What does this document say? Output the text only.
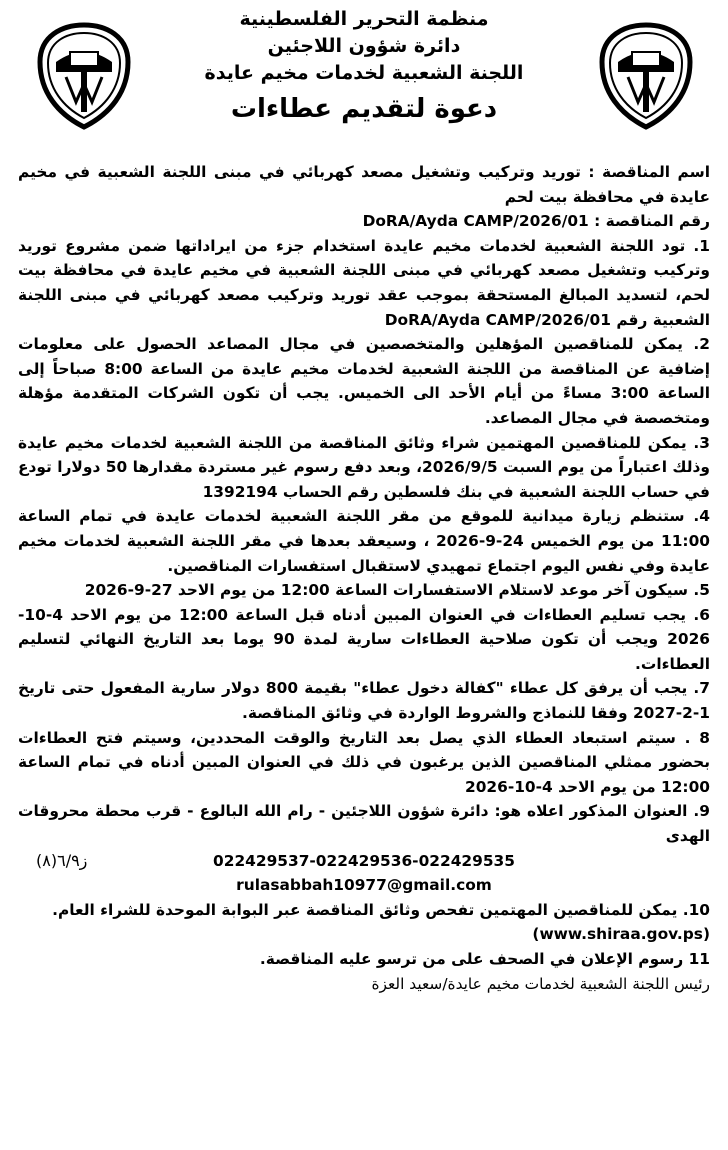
منظمة التحرير الفلسطينية
دائرة شؤون اللاجئين
اللجنة الشعبية لخدمات مخيم عايدة
دعوة لتقديم عطاءات

اسم المناقصة : توريد وتركيب وتشغيل مصعد كهربائي في مبنى اللجنة الشعبية في مخيم عايدة في محافظة بيت لحم

رقم المناقصة : DoRA/Ayda CAMP/2026/01

1. تود اللجنة الشعبية لخدمات مخيم عايدة استخدام جزء من ايراداتها ضمن مشروع توريد وتركيب وتشغيل مصعد كهربائي في مبنى اللجنة الشعبية في مخيم عايدة في محافظة بيت لحم، لتسديد المبالغ المستحقة بموجب عقد توريد وتركيب مصعد كهربائي في مبنى اللجنة الشعبية رقم DoRA/Ayda CAMP/2026/01

2. يمكن للمناقصين المؤهلين والمتخصصين في مجال المصاعد الحصول على معلومات إضافية عن المناقصة من اللجنة الشعبية لخدمات مخيم عايدة من الساعة 8:00 صباحاً إلى الساعة 3:00 مساءً من أيام الأحد الى الخميس. يجب أن تكون الشركات المتقدمة مؤهلة ومتخصصة في مجال المصاعد.

3. يمكن للمناقصين المهتمين شراء وثائق المناقصة من اللجنة الشعبية لخدمات مخيم عايدة وذلك اعتباراً من يوم السبت 2026/9/5، وبعد دفع رسوم غير مستردة مقدارها 50 دولارا تودع في حساب اللجنة الشعبية في بنك فلسطين رقم الحساب 1392194

4. ستنظم زيارة ميدانية للموقع من مقر اللجنة الشعبية لخدمات عايدة في تمام الساعة 11:00 من يوم الخميس 24-9-2026 ، وسيعقد بعدها في مقر اللجنة الشعبية لخدمات مخيم عايدة وفي نفس اليوم اجتماع تمهيدي لاستقبال استفسارات المناقصين.

5. سيكون آخر موعد لاستلام الاستفسارات الساعة 12:00 من يوم الاحد 27-9-2026

6. يجب تسليم العطاءات في العنوان المبين أدناه قبل الساعة 12:00 من يوم الاحد 4-10-2026 ويجب أن تكون صلاحية العطاءات سارية لمدة 90 يوما بعد التاريخ النهائي لتسليم العطاءات.

7. يجب أن يرفق كل عطاء "كفالة دخول عطاء" بقيمة 800 دولار سارية المفعول حتى تاريخ 1-2-2027 وفقا للنماذج والشروط الواردة في وثائق المناقصة.

8 . سيتم استبعاد العطاء الذي يصل بعد التاريخ والوقت المحددين، وسيتم فتح العطاءات بحضور ممثلي المناقصين الذين يرغبون في ذلك في العنوان المبين أدناه في تمام الساعة 12:00 من يوم الاحد 4-10-2026

9. العنوان المذكور اعلاه هو: دائرة شؤون اللاجئين - رام الله البالوع - قرب محطة محروقات الهدى

022429537-022429536-022429535

rulasabbah10977@gmail.com

ز٦/٩(٨)

10. يمكن للمناقصين المهتمين تفحص وثائق المناقصة عبر البوابة الموحدة للشراء العام.

(www.shiraa.gov.ps)

11 رسوم الإعلان في الصحف على من ترسو عليه المناقصة.

رئيس اللجنة الشعبية لخدمات مخيم عايدة/سعيد العزة
